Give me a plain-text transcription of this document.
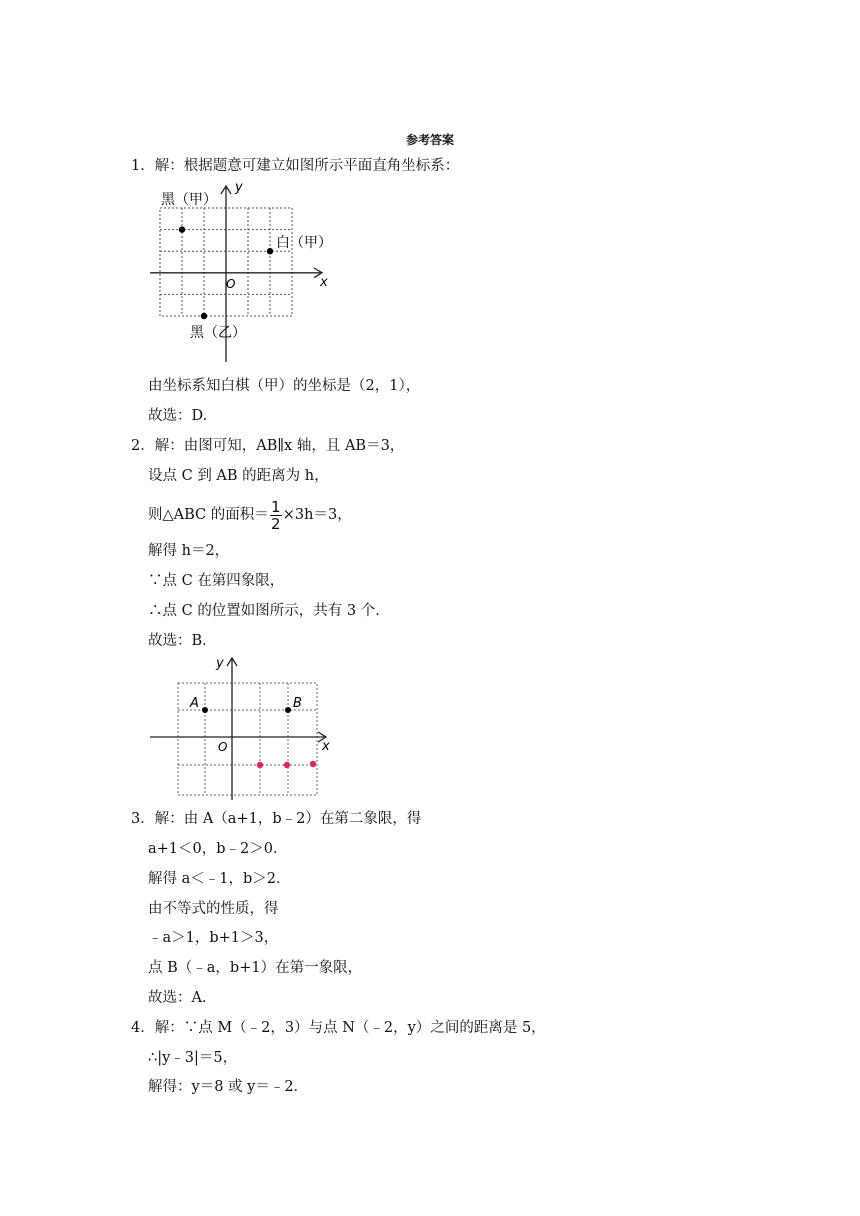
参考答案
1．解：根据题意可建立如图所示平面直角坐标系：
x
y
O
黑（甲）
白（甲）
黑（乙）
由坐标系知白棋（甲）的坐标是（2，1），
故选：D.
2．解：由图可知，AB∥x 轴，且 AB＝3，
设点 C 到 AB 的距离为 h，
则△ABC 的面积＝ $\frac{1}{2} \times 3h=3$，
解得 h＝2，
∵点 C 在第四象限，
∴点 C 的位置如图所示，共有 3 个．
故选：B．
x
y
O
A	B
3．解：由 A（a+1，b﹣2）在第二象限，得
a+1＜0，b﹣2＞0．
解得 a＜﹣1，b＞2．
由不等式的性质，得
﹣a＞1，b+1＞3，
点 B（﹣a，b+1）在第一象限，
故选：A．
4．解：∵点 M（﹣2，3）与点 N（﹣2，y）之间的距离是 5，
∴|y﹣3|＝5，
解得：y＝8 或 y＝﹣2．
